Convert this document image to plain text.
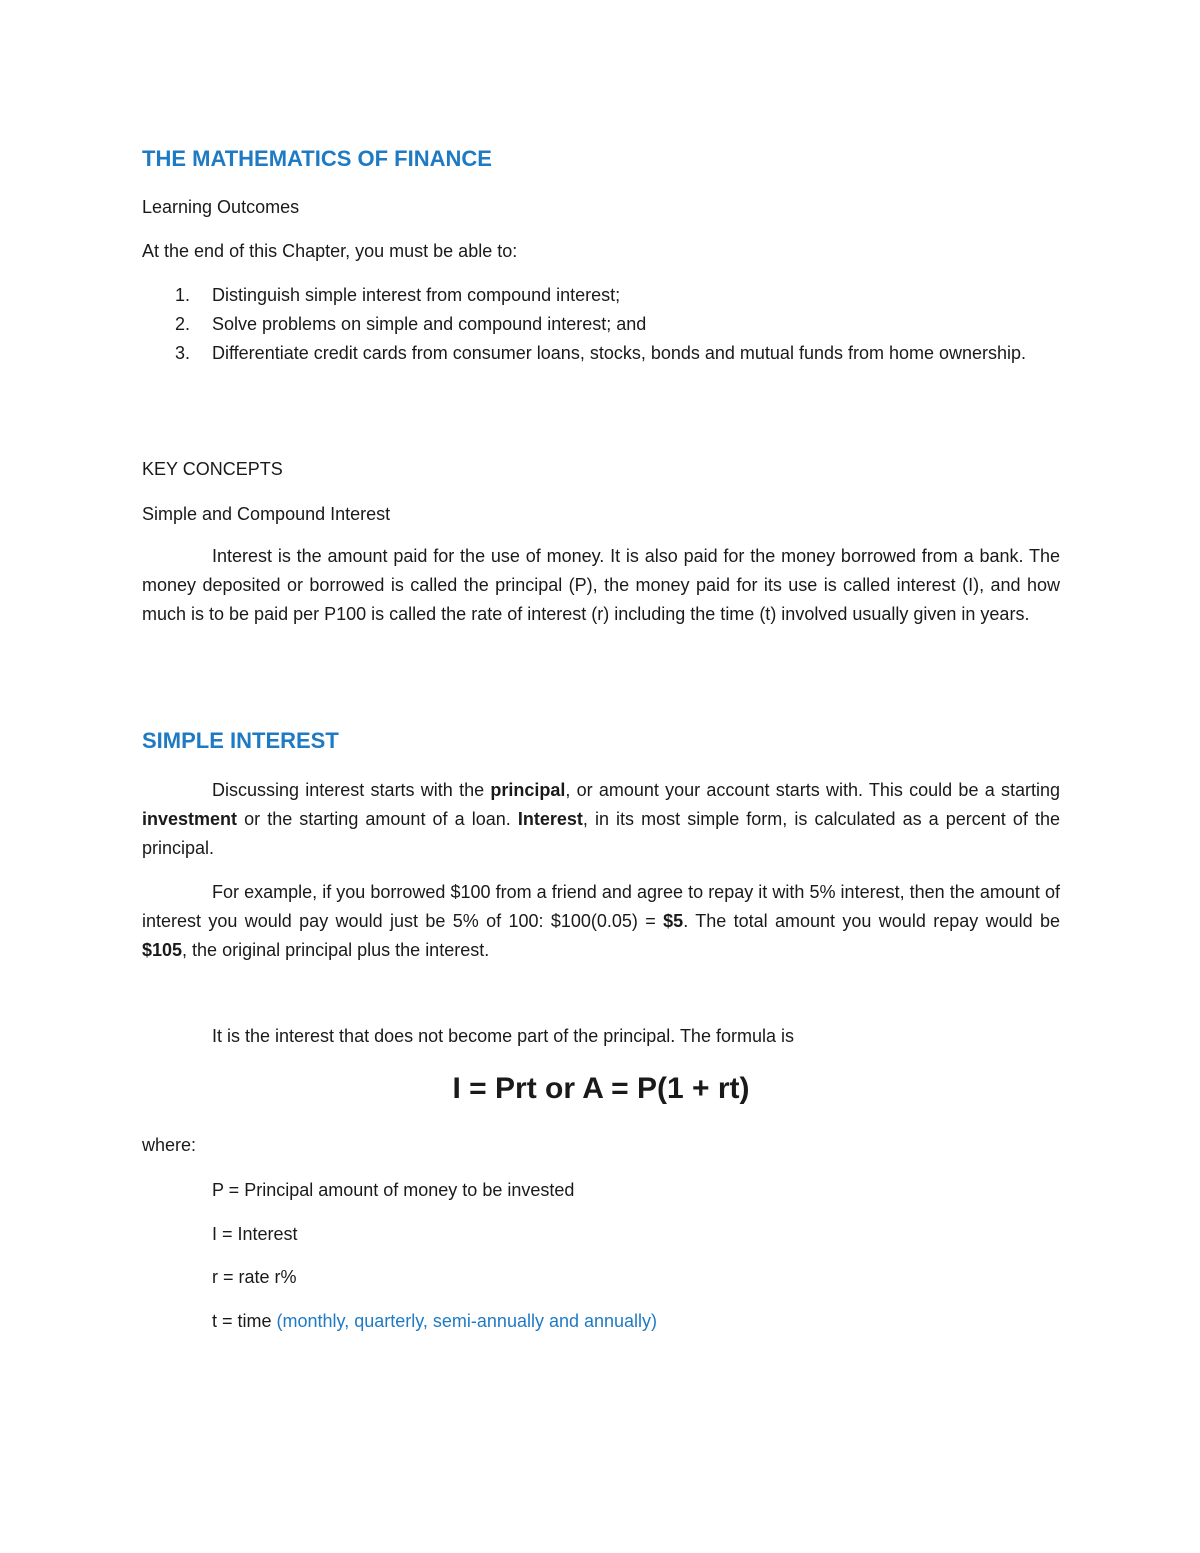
THE MATHEMATICS OF FINANCE
Learning Outcomes
At the end of this Chapter, you must be able to:
1. Distinguish simple interest from compound interest;
2. Solve problems on simple and compound interest; and
3. Differentiate credit cards from consumer loans, stocks, bonds and mutual funds from home ownership.
KEY CONCEPTS
Simple and Compound Interest

Interest is the amount paid for the use of money. It is also paid for the money borrowed from a bank. The money deposited or borrowed is called the principal (P), the money paid for its use is called interest (I), and how much is to be paid per P100 is called the rate of interest (r) including the time (t) involved usually given in years.

SIMPLE INTEREST

Discussing interest starts with the principal, or amount your account starts with. This could be a starting investment or the starting amount of a loan. Interest, in its most simple form, is calculated as a percent of the principal.

For example, if you borrowed $100 from a friend and agree to repay it with 5% interest, then the amount of interest you would pay would just be 5% of 100: $100(0.05) = $5. The total amount you would repay would be $105, the original principal plus the interest.

It is the interest that does not become part of the principal. The formula is
I = Prt or A = P(1 + rt)
where:
P = Principal amount of money to be invested
I = Interest
r = rate r%
t = time (monthly, quarterly, semi-annually and annually)
